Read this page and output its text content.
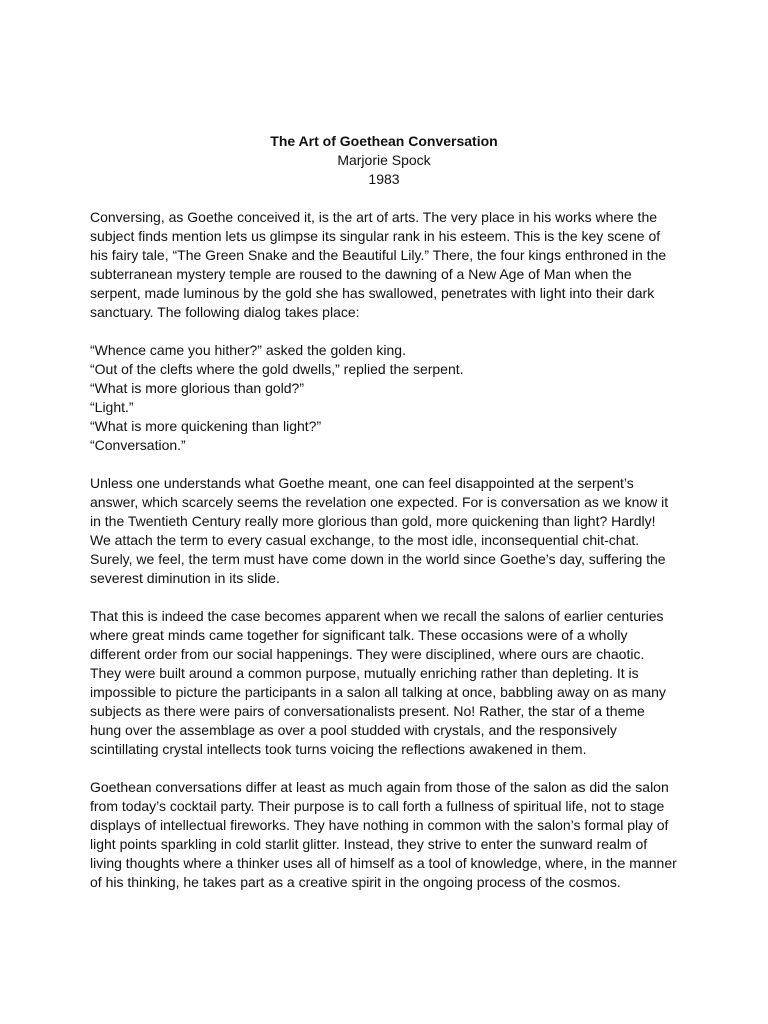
The Art of Goethean Conversation
Marjorie Spock
1983

Conversing, as Goethe conceived it, is the art of arts. The very place in his works where the subject finds mention lets us glimpse its singular rank in his esteem. This is the key scene of his fairy tale, “The Green Snake and the Beautiful Lily.” There, the four kings enthroned in the subterranean mystery temple are roused to the dawning of a New Age of Man when the serpent, made luminous by the gold she has swallowed, penetrates with light into their dark sanctuary. The following dialog takes place:

“Whence came you hither?” asked the golden king.
“Out of the clefts where the gold dwells,” replied the serpent.
“What is more glorious than gold?”
“Light.”
“What is more quickening than light?”
“Conversation.”

Unless one understands what Goethe meant, one can feel disappointed at the serpent’s answer, which scarcely seems the revelation one expected. For is conversation as we know it in the Twentieth Century really more glorious than gold, more quickening than light? Hardly! We attach the term to every casual exchange, to the most idle, inconsequential chit-chat. Surely, we feel, the term must have come down in the world since Goethe’s day, suffering the severest diminution in its slide.

That this is indeed the case becomes apparent when we recall the salons of earlier centuries where great minds came together for significant talk. These occasions were of a wholly different order from our social happenings. They were disciplined, where ours are chaotic. They were built around a common purpose, mutually enriching rather than depleting. It is impossible to picture the participants in a salon all talking at once, babbling away on as many subjects as there were pairs of conversationalists present. No! Rather, the star of a theme hung over the assemblage as over a pool studded with crystals, and the responsively scintillating crystal intellects took turns voicing the reflections awakened in them.

Goethean conversations differ at least as much again from those of the salon as did the salon from today’s cocktail party. Their purpose is to call forth a fullness of spiritual life, not to stage displays of intellectual fireworks. They have nothing in common with the salon’s formal play of light points sparkling in cold starlit glitter. Instead, they strive to enter the sunward realm of living thoughts where a thinker uses all of himself as a tool of knowledge, where, in the manner of his thinking, he takes part as a creative spirit in the ongoing process of the cosmos.
